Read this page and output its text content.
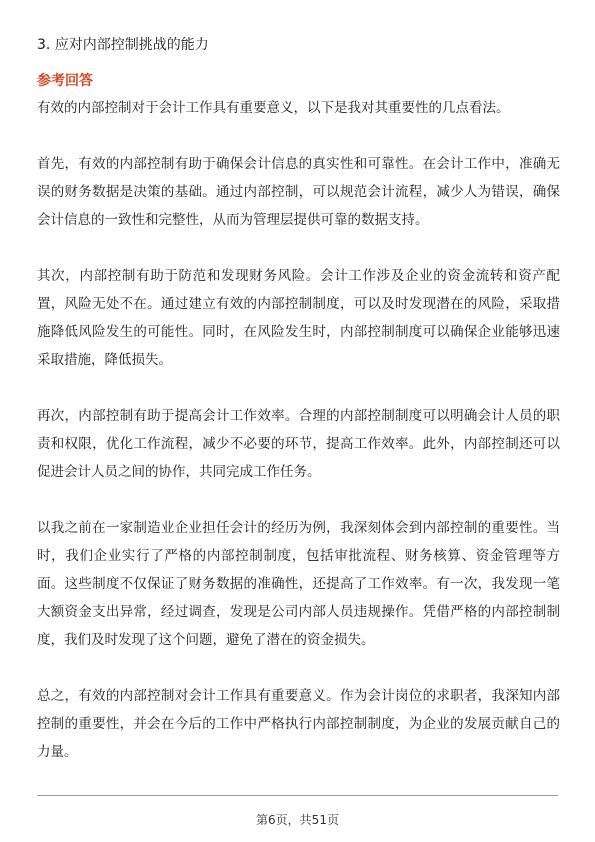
3. 应对内部控制挑战的能力
参考回答

有效的内部控制对于会计工作具有重要意义，以下是我对其重要性的几点看法。

首先，有效的内部控制有助于确保会计信息的真实性和可靠性。在会计工作中，准确无误的财务数据是决策的基础。通过内部控制，可以规范会计流程，减少人为错误，确保会计信息的一致性和完整性，从而为管理层提供可靠的数据支持。

其次，内部控制有助于防范和发现财务风险。会计工作涉及企业的资金流转和资产配置，风险无处不在。通过建立有效的内部控制制度，可以及时发现潜在的风险，采取措施降低风险发生的可能性。同时，在风险发生时，内部控制制度可以确保企业能够迅速采取措施，降低损失。

再次，内部控制有助于提高会计工作效率。合理的内部控制制度可以明确会计人员的职责和权限，优化工作流程，减少不必要的环节，提高工作效率。此外，内部控制还可以促进会计人员之间的协作，共同完成工作任务。

以我之前在一家制造业企业担任会计的经历为例，我深刻体会到内部控制的重要性。当时，我们企业实行了严格的内部控制制度，包括审批流程、财务核算、资金管理等方面。这些制度不仅保证了财务数据的准确性，还提高了工作效率。有一次，我发现一笔大额资金支出异常，经过调查，发现是公司内部人员违规操作。凭借严格的内部控制制度，我们及时发现了这个问题，避免了潜在的资金损失。

总之，有效的内部控制对会计工作具有重要意义。作为会计岗位的求职者，我深知内部控制的重要性，并会在今后的工作中严格执行内部控制制度，为企业的发展贡献自己的力量。

第6页，共51页
